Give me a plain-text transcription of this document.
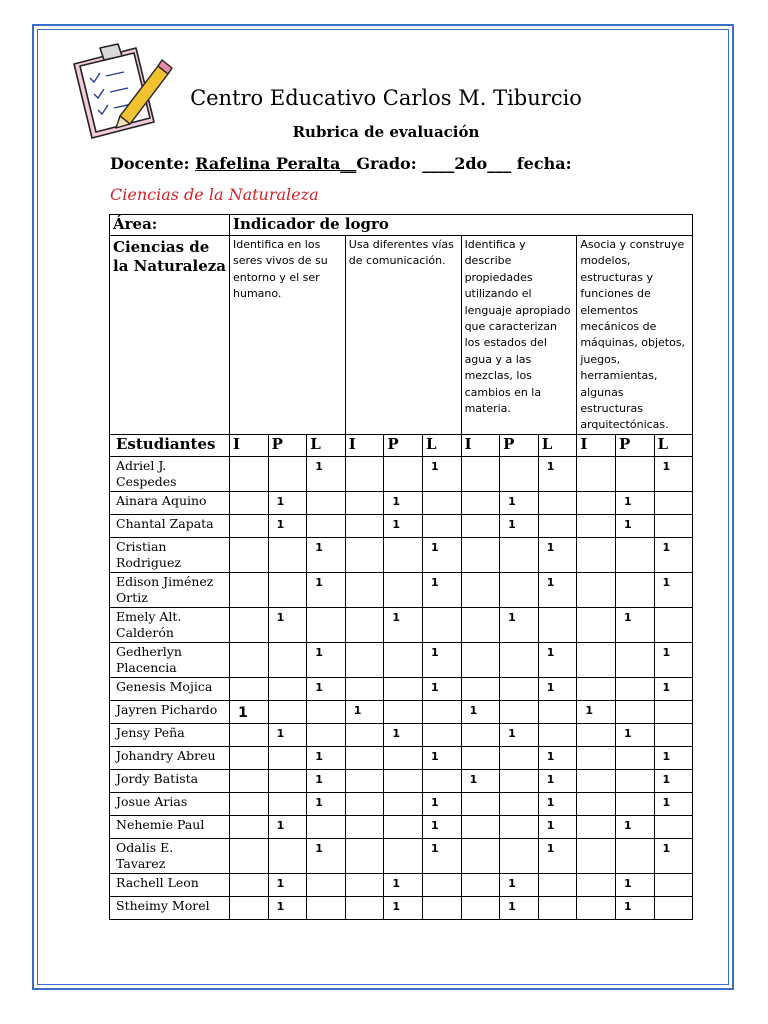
Centro Educativo Carlos M. Tiburcio
Rubrica de evaluación
Docente: Rafelina Peralta__Grado: ____2do___ fecha:
Ciencias de la Naturaleza
Área:	Indicador de logro											
Ciencias de la Naturaleza	Identifica en los seres vivos de su entorno y el ser humano.			Usa diferentes vías de comunicación.			Identifica y describe propiedades utilizando el lenguaje apropiado que caracterizan los estados del agua y a las mezclas, los cambios en la materia.			Asocia y construye modelos, estructuras y funciones de elementos mecánicos de máquinas, objetos, juegos, herramientas, algunas estructuras arquitectónicas.		
Estudiantes	I	P	L	I	P	L	I	P	L	I	P	L
Adriel J. Cespedes			1			1			1			1
Ainara Aquino		1			1			1			1	
Chantal Zapata		1			1			1			1	
Cristian Rodriguez			1			1			1			1
Edison Jiménez Ortiz			1			1			1			1
Emely Alt. Calderón		1			1			1			1	
Gedherlyn Placencia			1			1			1			1
Genesis Mojica			1			1			1			1
Jayren Pichardo	1			1			1			1		
Jensy Peña		1			1			1			1	
Johandry Abreu			1			1			1			1
Jordy Batista			1				1		1			1
Josue Arias			1			1			1			1
Nehemie Paul		1				1			1		1	
Odalis E. Tavarez			1			1			1			1
Rachell Leon		1			1			1			1	
Stheimy Morel		1			1			1			1	
